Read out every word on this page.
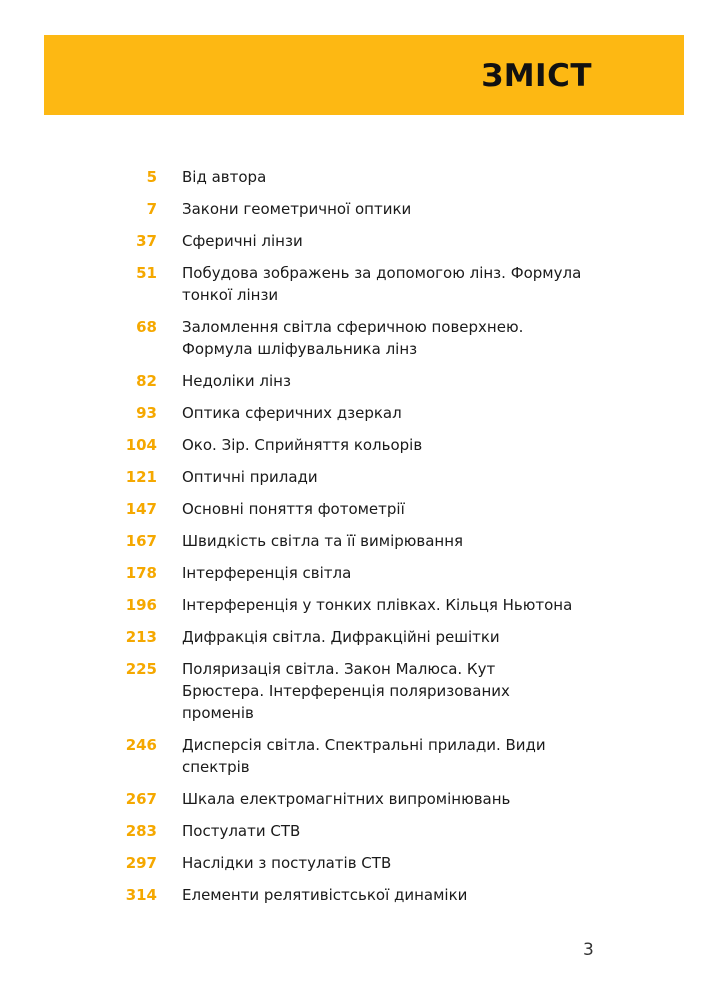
ЗМІСТ
5 Від автора
7 Закони геометричної оптики
37 Сферичні лінзи
51 Побудова зображень за допомогою лінз. Формула тонкої лінзи
68 Заломлення світла сферичною поверхнею. Формула шліфувальника лінз
82 Недоліки лінз
93 Оптика сферичних дзеркал
104 Око. Зір. Сприйняття кольорів
121 Оптичні прилади
147 Основні поняття фотометрії
167 Швидкість світла та її вимірювання
178 Інтерференція світла
196 Інтерференція у тонких плівках. Кільця Ньютона
213 Дифракція світла. Дифракційні решітки
225 Поляризація світла. Закон Малюса. Кут Брюстера. Інтерференція поляризованих променів
246 Дисперсія світла. Спектральні прилади. Види спектрів
267 Шкала електромагнітних випромінювань
283 Постулати СТВ
297 Наслідки з постулатів СТВ
314 Елементи релятивістської динаміки
3
